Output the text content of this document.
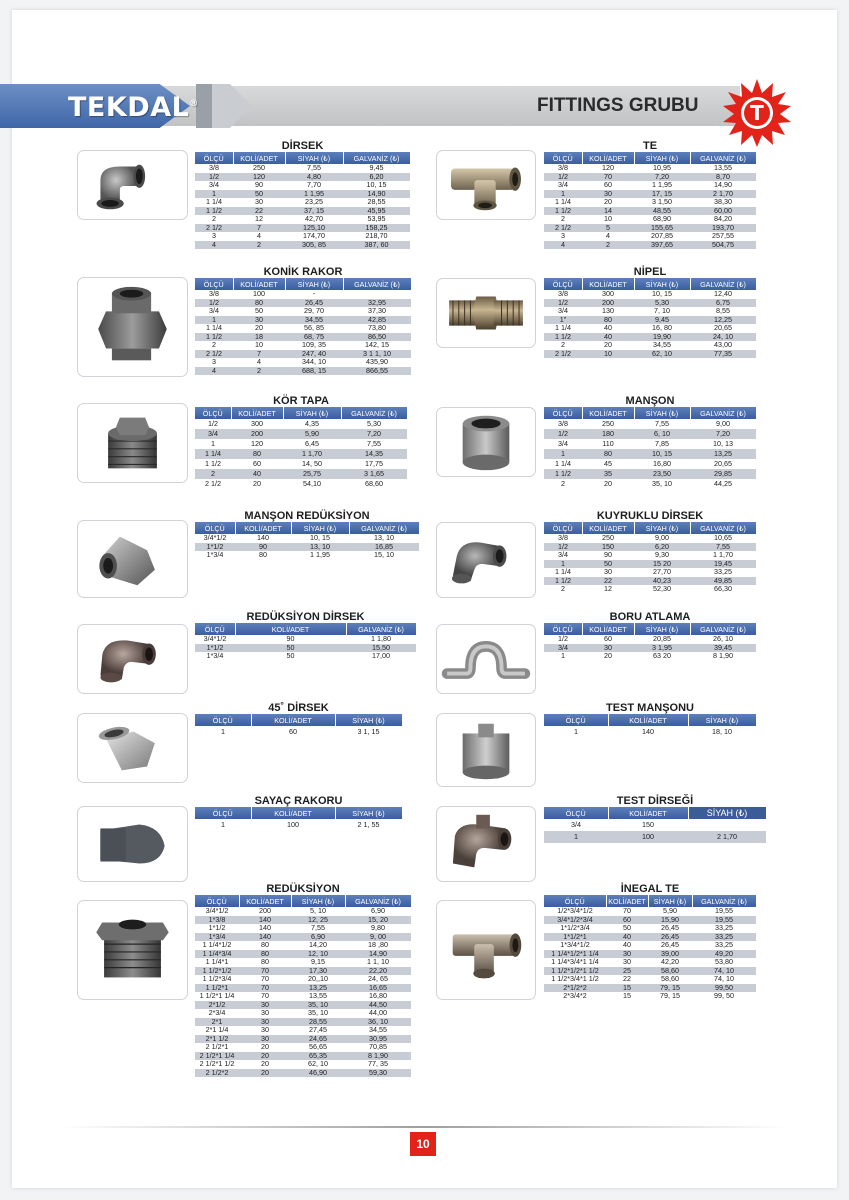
TEKDAL®	FITTINGS GRUBU	T
DİRSEK
ÖLÇÜ	KOLİ/ADET	SİYAH (₺)	GALVANİZ (₺)
3/8	250	7,55	9,45
1/2	120	4,80	6,20
3/4	90	7,70	10, 15
1	50	1 1,95	14,90
1 1/4	30	23,25	28,55
1 1/2	22	37, 15	45,95
2	12	42,70	53,95
2 1/2	7	125,10	158,25
3	4	174,70	218,70
4	2	305, 85	387, 60
TE
ÖLÇÜ	KOLİ/ADET	SİYAH (₺)	GALVANİZ (₺)
3/8	120	10,95	13,55
1/2	70	7,20	8,70
3/4	60	1 1,95	14,90
1	30	17, 15	2 1,70
1 1/4	20	3 1,50	38,30
1 1/2	14	48,55	60,00
2	10	68,90	84,20
2 1/2	5	155,65	193,70
3	4	207,85	257,55
4	2	397,65	504,75
KONİK RAKOR
ÖLÇÜ	KOLİ/ADET	SİYAH (₺)	GALVANİZ (₺)
3/8	100	-	
1/2	80	26,45	32,95
3/4	50	29, 70	37,30
1	30	34,55	42,85
1 1/4	20	56, 85	73,80
1 1/2	18	68, 75	86,50
2	10	109, 35	142, 15
2 1/2	7	247, 40	3 1 1, 10
3	4	344, 10	435,90
4	2	688, 15	866,55
NİPEL
ÖLÇÜ	KOLİ/ADET	SİYAH (₺)	GALVANİZ (₺)
3/8	300	10, 15	12,40
1/2	200	5,30	6,75
3/4	130	7, 10	8,55
1"	80	9,45	12,25
1 1/4	40	16, 80	20,65
1 1/2	40	19,90	24, 10
2	20	34,55	43,00
2 1/2	10	62, 10	77,35
KÖR TAPA
ÖLÇÜ	KOLİ/ADET	SİYAH (₺)	GALVANİZ (₺)
1/2	300	4,35	5,30
3/4	200	5,90	7,20
1	120	6,45	7,55
1 1/4	80	1 1,70	14,35
1 1/2	60	14, 50	17,75
2	40	25,75	3 1,65
2 1/2	20	54,10	68,60
MANŞON
ÖLÇÜ	KOLİ/ADET	SİYAH (₺)	GALVANİZ (₺)
3/8	250	7,55	9,00
1/2	180	6, 10	7,20
3/4	110	7,85	10, 13
1	80	10, 15	13,25
1 1/4	45	16,80	20,65
1 1/2	35	23,50	29,85
2	20	35, 10	44,25
MANŞON REDÜKSİYON
ÖLÇÜ	KOLİ/ADET	SİYAH (₺)	GALVANİZ (₺)
3/4*1/2	140	10, 15	13, 10
1*1/2	90	13, 10	16,85
1*3/4	80	1 1,95	15, 10
KUYRUKLU DİRSEK
ÖLÇÜ	KOLİ/ADET	SİYAH (₺)	GALVANİZ (₺)
3/8	250	9,00	10,65
1/2	150	6,20	7,55
3/4	90	9,30	1 1,70
1	50	15 20	19,45
1 1/4	30	27,70	33,25
1 1/2	22	40,23	49,85
2	12	52,30	66,30
REDÜKSİYON DİRSEK
ÖLÇÜ	KOLİ/ADET	GALVANİZ (₺)
3/4*1/2	90	1 1,80
1*1/2	50	15,50
1*3/4	50	17,00
BORU ATLAMA
ÖLÇÜ	KOLİ/ADET	SİYAH (₺)	GALVANİZ (₺)
1/2	60	20,85	26, 10
3/4	30	3 1,95	39,45
1	20	63 20	8 1,90
45˚ DİRSEK
ÖLÇÜ	KOLİ/ADET	SİYAH (₺)
1	60	3 1, 15
TEST MANŞONU
ÖLÇÜ	KOLİ/ADET	SİYAH (₺)
1	140	18, 10
SAYAÇ RAKORU
ÖLÇÜ	KOLİ/ADET	SİYAH (₺)
1	100	2 1, 55
TEST DİRSEĞİ
ÖLÇÜ	KOLİ/ADET	SİYAH (₺)
3/4	150	
1	100	2 1,70
REDÜKSİYON
ÖLÇÜ	KOLİ/ADET	SİYAH (₺)	GALVANİZ (₺)
3/4*1/2	200	5, 10	6,90
1*3/8	140	12, 25	15, 20
1*1/2	140	7,55	9,80
1*3/4	140	6,90	9, 00
1 1/4*1/2	80	14,20	18 ,80
1 1/4*3/4	80	12, 10	14,90
1 1/4*1	80	9,15	1 1, 10
1 1/2*1/2	70	17,30	22,20
1 1/2*3/4	70	20,,10	24, 65
1 1/2*1	70	13,25	16,65
1 1/2*1 1/4	70	13,55	16,80
2*1/2	30	35, 10	44,50
2*3/4	30	35, 10	44,00
2*1	30	28,55	36, 10
2*1 1/4	30	27,45	34,55
2*1 1/2	30	24,65	30,95
2 1/2*1	20	56,65	70,85
2 1/2*1 1/4	20	65,35	8 1,90
2 1/2*1 1/2	20	62, 10	77, 35
2 1/2*2	20	46,90	59,30
İNEGAL TE
ÖLÇÜ	KOLİ/ADET	SİYAH (₺)	GALVANİZ (₺)
1/2*3/4*1/2	70	5,90	19,55
3/4*1/2*3/4	60	15,90	19,55
1*1/2*3/4	50	26,45	33,25
1*1/2*1	40	26,45	33,25
1*3/4*1/2	40	26,45	33,25
1 1/4*1/2*1 1/4	30	39,00	49,20
1 1/4*3/4*1 1/4	30	42,20	53,80
1 1/2*1/2*1 1/2	25	58,60	74, 10
1 1/2*3/4*1 1/2	22	58,60	74, 10
2*1/2*2	15	79, 15	99,50
2*3/4*2	15	79, 15	99, 50
10
